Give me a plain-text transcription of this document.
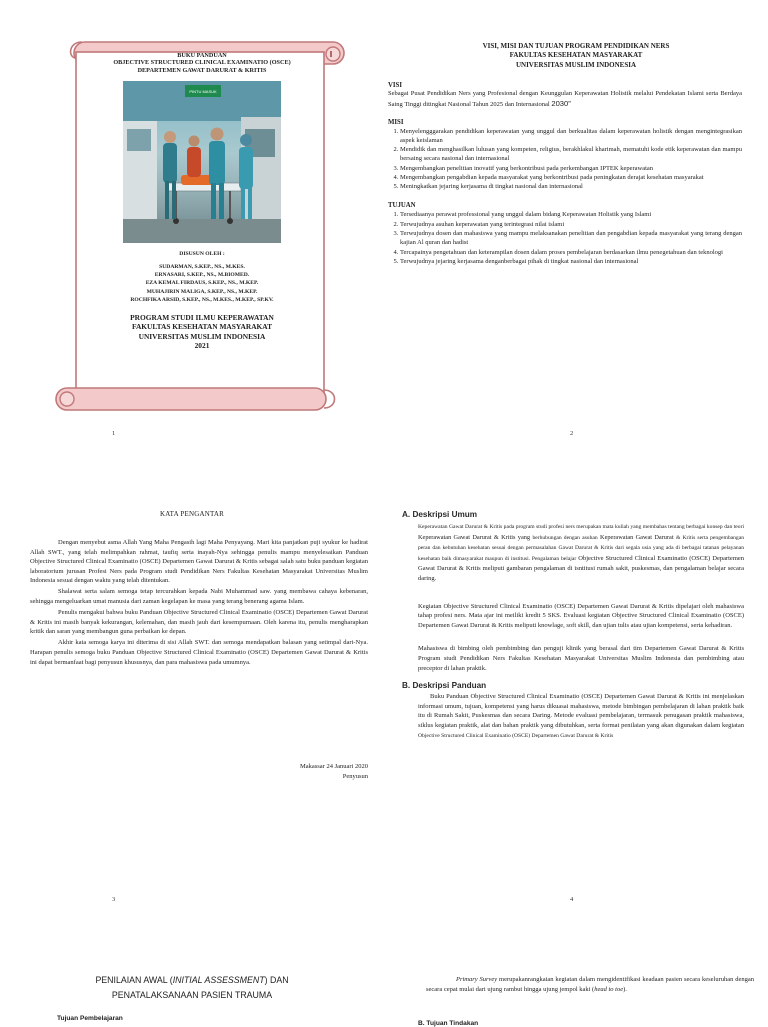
BUKU PANDUAN
OBJECTIVE STRUCTURED CLINICAL EXAMINATIO (OSCE)
DEPARTEMEN GAWAT DARURAT & KRITIS
PINTU MASUK
DISUSUN OLEH :
SUDARMAN, S.KEP., NS., M.KES.
ERNASARI, S.KEP., NS., M.BIOMED.
EZA KEMAL FIRDAUS, S.KEP., NS., M.KEP.
MUHAJIRIN MALIGA, S.KEP., NS., M.KEP.
ROCHFIKA ARSID, S.KEP., NS., M.KES., M.KEP., SP.KV.
PROGRAM STUDI ILMU KEPERAWATAN
FAKULTAS KESEHATAN MASYARAKAT
UNIVERSITAS MUSLIM INDONESIA
2021
1
VISI, MISI DAN TUJUAN PROGRAM PENDIDIKAN NERS
FAKULTAS KESEHATAN MASYARAKAT
UNIVERSITAS MUSLIM INDONESIA
VISI
Sebagai Pusat Pendidikan Ners yang Profesional dengan Keunggulan Keperawatan Holistik melalui Pendekatan Islami serta Berdaya Saing Tinggi ditingkat Nasional Tahun 2025 dan Internasional 2030”
MISI
1. Menyelengggarakan pendidikan keperawatan yang unggul dan berkualitas dalam keperawatan holistik dengan mengintegrasikan aspek keislaman
2. Mendidik dan menghasilkan lulusan yang kompeten, religius, berakhlakul kharimah, mematuhi kode etik keperawatan dan mampu bersaing secara nasional dan internasional
3. Mengembangkan penelitian inovatif yang berkontribusi pada perkembangan IPTEK keperawatan
4. Mengembangkan pengabdian kepada masyarakat yang berkontribusi pada peningkatan derajat kesehatan masyarakat
5. Meningkatkan jejaring kerjasama di tingkat nasional dan internasional
TUJUAN
1. Tersediaanya perawat professional yang unggul dalam bidang Keperawatan Holistik yang Islami
2. Terwujudnya asuhan keperawatan yang terintegrasi nilai islami
3. Terwujudnya dosen dan mahasiswa yang mampu melaksanakan penelitian dan pengabdian kepada masyarakat yang terang dengan kajian Al quran dan hadist
4. Tercapainya pengetahuan dan keterampilan dosen dalam proses pembelajaran berdasarkan ilmu penegetahuan dan teknologi
5. Terwujudnya jejaring kerjasama denganberbagai pihak di tingkat nasional dan internasional
2
KATA PENGANTAR

Dengan menyebut asma Allah Yang Maha Pengasih lagi Maha Penyayang. Mari kita panjatkan puji syukur ke hadirat Allah SWT., yang telah melimpahkan rahmat, taufiq serta inayah-Nya sehingga penulis mampu menyelesaikan Panduan Objective Structured Clinical Examinatio (OSCE) Departemen Gawat Darurat & Kritis sebagai salah satu buku panduan kegiatan laboratorium jurusan Profesi Ners pada Program studi Pendidikan Ners Fakultas Kesehatan Masyarakat Universitas Muslim Indonesia sesuai dengan waktu yang telah ditentukan.

Shalawat serta salam semoga tetap tercurahkan kepada Nabi Muhammad saw. yang membawa cahaya kebenaran, sehingga mengeluarkan umat manusia dari zaman kegelapan ke masa yang terang benerang agama Islam.

Penulis mengakui bahwa buku Panduan Objective Structured Clinical Examinatio (OSCE) Departemen Gawat Darurat & Kritis ini masih banyak kekurangan, kelemahan, dan masih jauh dari kesempurnaan. Oleh karena itu, penulis mengharapkan kritik dan saran yang membangun guna perbaikan ke depan.

Akhir kata semoga karya ini diterima di sisi Allah SWT. dan semoga mendapatkan balasan yang setimpal dari-Nya. Harapan penulis semoga buku Panduan Objective Structured Clinical Examinatio (OSCE) Departemen Gawat Darurat & Kritis ini dapat bermanfaat bagi penyusun khususnya, dan para mahasiswa pada umumnya.

Makassar 24 Januari 2020
Penyusun
3
A. Deskripsi Umum

Keperawatan Gawat Darurat & Kritis pada program studi profesi ners merupakan mata kuliah yang membahas tentang berbagai konsep dan teori Keperawatan Gawat Darurat & Kritis yang berhubungan dengan asuhan Keperawatan Gawat Darurat & Kritis serta pengembangan peran dan kebutuhan kesehatan sesuai dengan permasalahan Gawat Darurat & Kritis dari segala usia yang ada di berbagai tatanan pelayanan kesehatan baik dimasyarakat maupun di institusi. Pengalaman belajar Objective Structured Clinical Examinatio (OSCE) Departemen Gawat Darurat & Kritis meliputi gambaran pengalaman di isntitusi rumah sakit, puskesmas, dan pengalaman belajar secara daring.

Kegiatan Objective Structured Clinical Examinatio (OSCE) Departemen Gawat Darurat & Kritis dipelajari oleh mahasiswa tahap profesi ners. Mata ajar ini meiliki kredit 5 SKS. Evaluasi kegiatan Objective Structured Clinical Examinatio (OSCE) Departemen Gawat Darurat & Kritis meliputi knowlage, soft skill, dan ujian tulis atau ujian kompetensi, serta kehadiran.

Mahasiswa di bimbing oleh pembimbing dan penguji klinik yang berasal dari tim Departemen Gawat Darurat & Kritis Program studi Pendidikan Ners Fakultas Kesehatan Masyarakat Universitas Muslim Indonesia dan pembimbing atau preceptor di lahan praktik.

B. Deskripsi Panduan

Buku Panduan Objective Structured Clinical Examinatio (OSCE) Departemen Gawat Darurat & Kritis ini menjelaskan informasi umum, tujuan, kompetensi yang harus dikuasai mahasiswa, metode bimbingan pembelajaran di lahan praktik baik itu di Rumah Sakit, Puskesmas dan secara Daring. Metode evaluasi pembelajaran, termasuk penugasan praktik mahasiswa, siklus kegiatan praktik, alat dan bahan praktik yang dibutuhkan, serta format penilaian yang akan digunakan dalam kegiatan Objective Structured Clinical Examinatio (OSCE) Departemen Gawat Darurat & Kritis

4
PENILAIAN AWAL (INITIAL ASSESSMENT) DAN
PENATALAKSANAAN PASIEN TRAUMA
Tujuan Pembelajaran
Primary Survey merupakanrangkaian kegiatan dalam mengidentifikasi keadaan pasien secara keseluruhan dengan secara cepat mulai dari ujung rambut hingga ujung jempol kaki (head to toe).
B. Tujuan Tindakan
